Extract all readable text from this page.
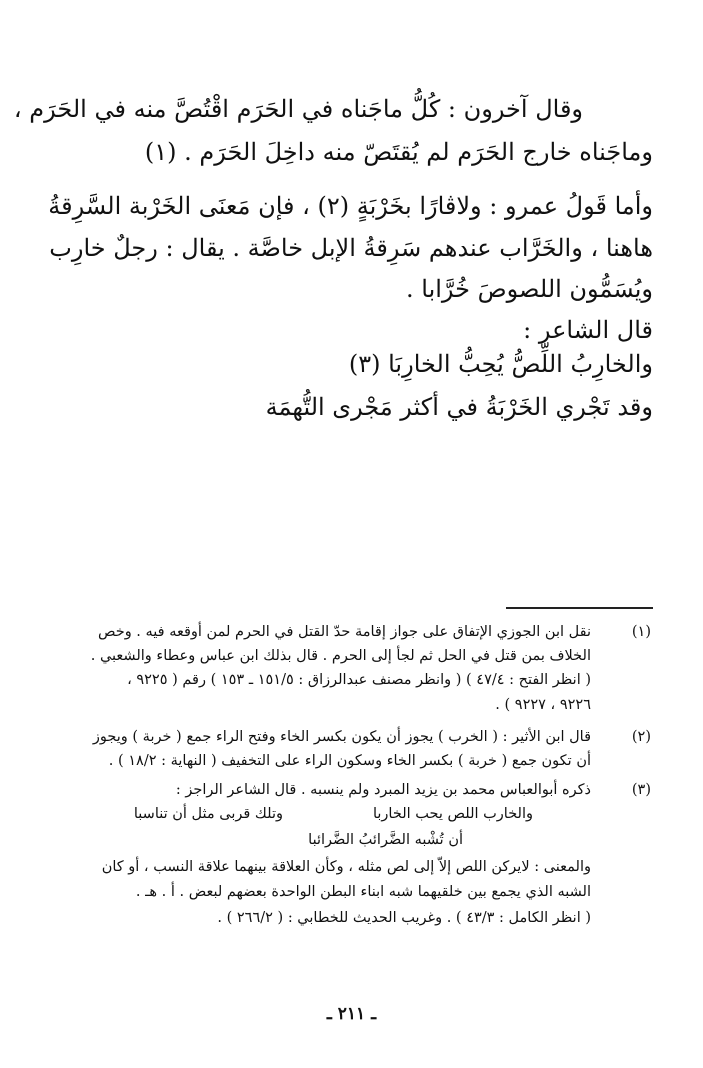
وقال آخرون : كُلُّ ماجَناه في الحَرَم اقْتُصَّ منه في الحَرَم ،
وماجَناه خارج الحَرَم لم يُقتَصّ منه داخِلَ الحَرَم . (١)
وأما قَولُ عمرو : ولاڤارًا بخَرْبَةٍ (٢) ، فإن مَعنَى الخَرْبة السَّرِقةُ
هاهنا ، والخَرَّاب عندهم سَرِقةُ الإبل خاصَّة . يقال : رجلٌ خارِب
ويُسَمُّون اللصوصَ خُرَّابا .
قال الشاعر :
والخارِبُ اللِّصُّ يُحِبُّ الخارِبَا (٣)
وقد تَجْري الخَرْبَةُ في أكثر مَجْرى التُّهمَة
(١)
نقل ابن الجوزي الإتفاق على جواز إقامة حدّ القتل في الحرم لمن أوقعه فيه . وخص
الخلاف بمن قتل في الحل ثم لجأ إلى الحرم . قال بذلك ابن عباس وعطاء والشعبي .
( انظر الفتح : ٤٧/٤ ) ( وانظر مصنف عبدالرزاق : ١٥١/٥ ـ ١٥٣ ) رقم ( ٩٢٢٥ ،
٩٢٢٦ ، ٩٢٢٧ ) .
(٢)
قال ابن الأثير : ( الخرب ) يجوز أن يكون بكسر الخاء وفتح الراء جمع ( خربة ) ويجوز
أن تكون جمع ( خربة ) بكسر الخاء وسكون الراء على التخفيف ( النهاية : ١٨/٢ ) .
(٣)
ذكره أبوالعباس محمد بن يزيد المبرد ولم ينسبه . قال الشاعر الراجز :
والخارب اللص يحب الخاربا
وتلك قربى مثل أن تناسبا
أن تُشْبه الضَّرائبُ الضَّرائبا
والمعنى : لايركن اللص إلاّ إلى لص مثله ، وكأن العلاقة بينهما علاقة النسب ، أو كان
الشبه الذي يجمع بين خلقيهما شبه ابناء البطن الواحدة بعضهم لبعض . أ . هـ .
( انظر الكامل : ٤٣/٣ ) . وغريب الحديث للخطابي : ( ٢٦٦/٢ ) .
ـ ٢١١ ـ
